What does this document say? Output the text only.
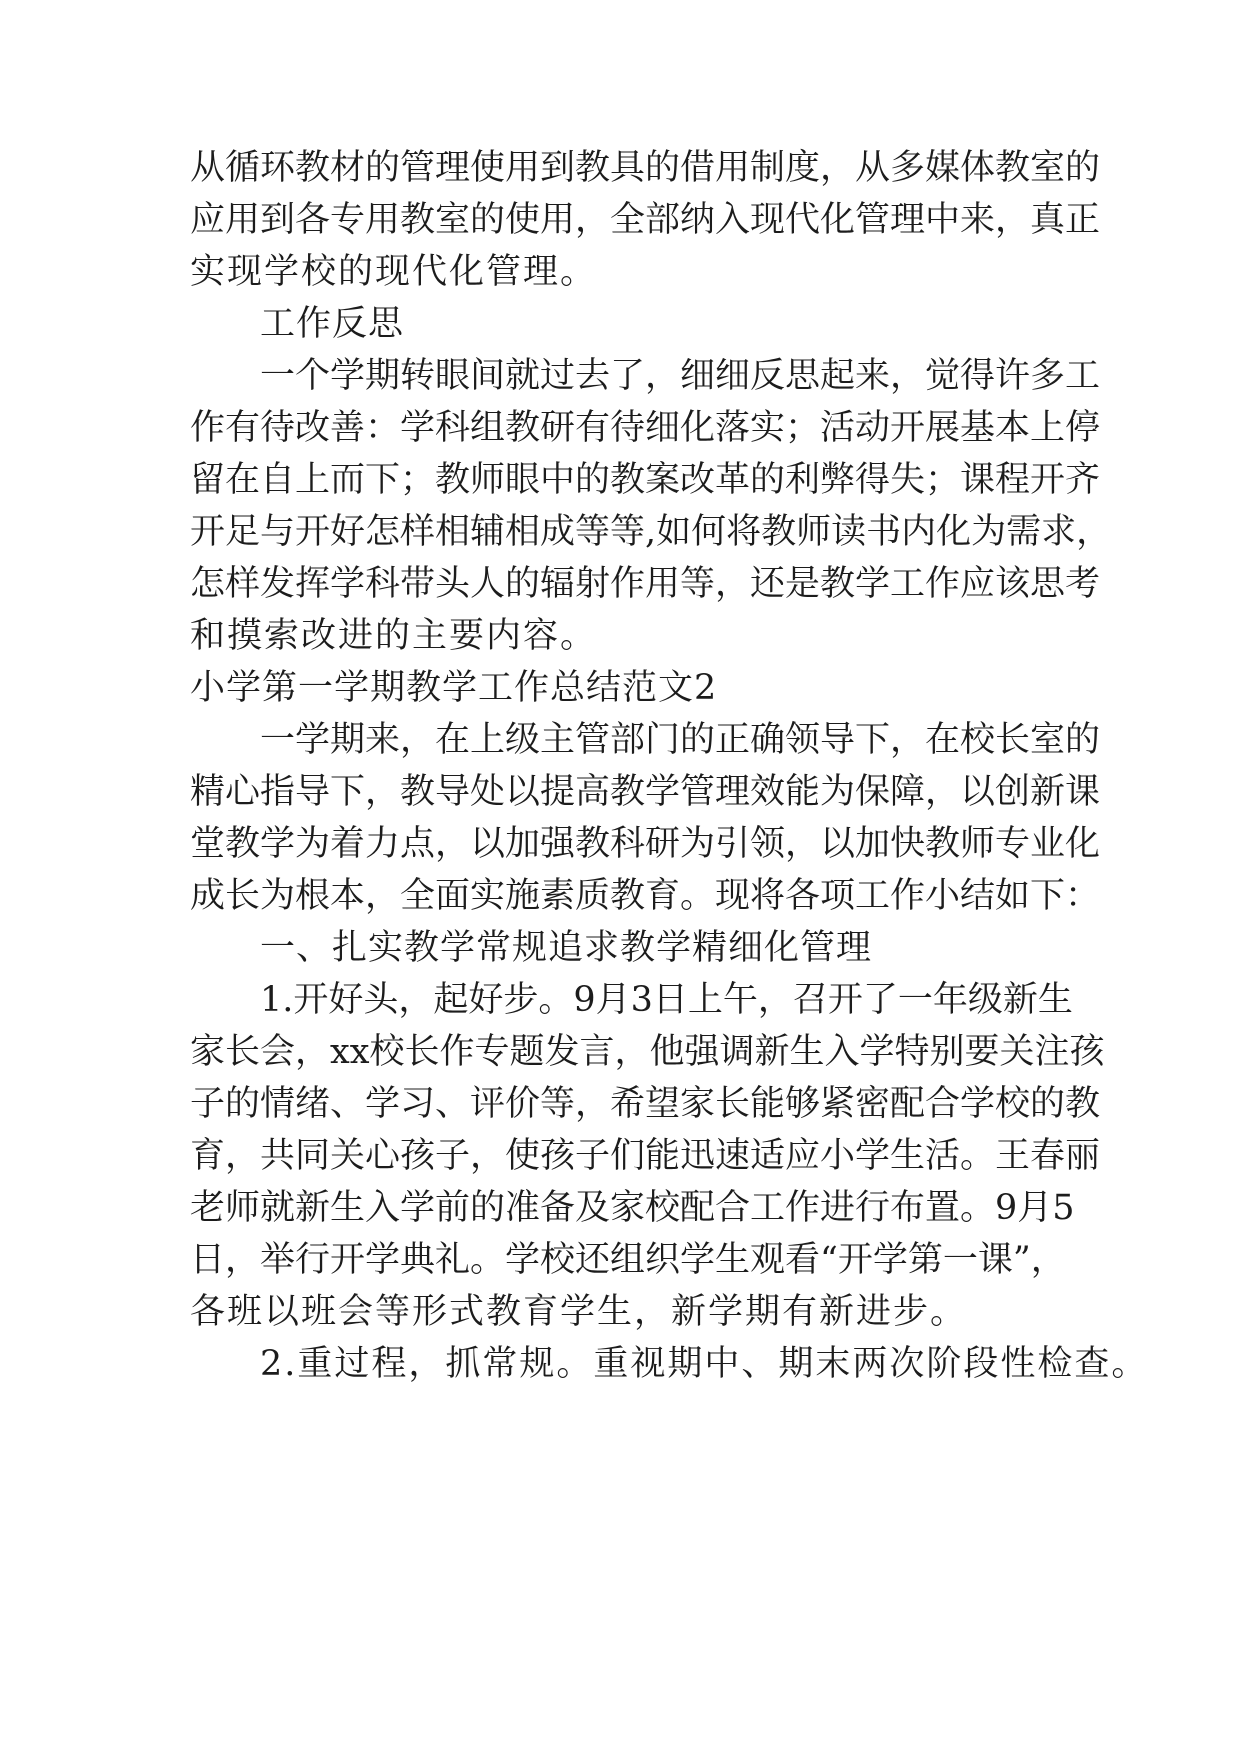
从循环教材的管理使用到教具的借用制度，从多媒体教室的
应用到各专用教室的使用，全部纳入现代化管理中来，真正
实现学校的现代化管理。
工作反思
一个学期转眼间就过去了，细细反思起来，觉得许多工
作有待改善：学科组教研有待细化落实；活动开展基本上停
留在自上而下；教师眼中的教案改革的利弊得失；课程开齐
开足与开好怎样相辅相成等等,如何将教师读书内化为需求，
怎样发挥学科带头人的辐射作用等，还是教学工作应该思考
和摸索改进的主要内容。
小学第一学期教学工作总结范文2
一学期来，在上级主管部门的正确领导下，在校长室的
精心指导下，教导处以提高教学管理效能为保障，以创新课
堂教学为着力点，以加强教科研为引领，以加快教师专业化
成长为根本，全面实施素质教育。现将各项工作小结如下：
一、扎实教学常规追求教学精细化管理
1.开好头，起好步。9月3日上午，召开了一年级新生
家长会，xx校长作专题发言，他强调新生入学特别要关注孩
子的情绪、学习、评价等，希望家长能够紧密配合学校的教
育，共同关心孩子，使孩子们能迅速适应小学生活。王春丽
老师就新生入学前的准备及家校配合工作进行布置。9月5
日，举行开学典礼。学校还组织学生观看“开学第一课”，
各班以班会等形式教育学生，新学期有新进步。
2.重过程，抓常规。重视期中、期末两次阶段性检查。
